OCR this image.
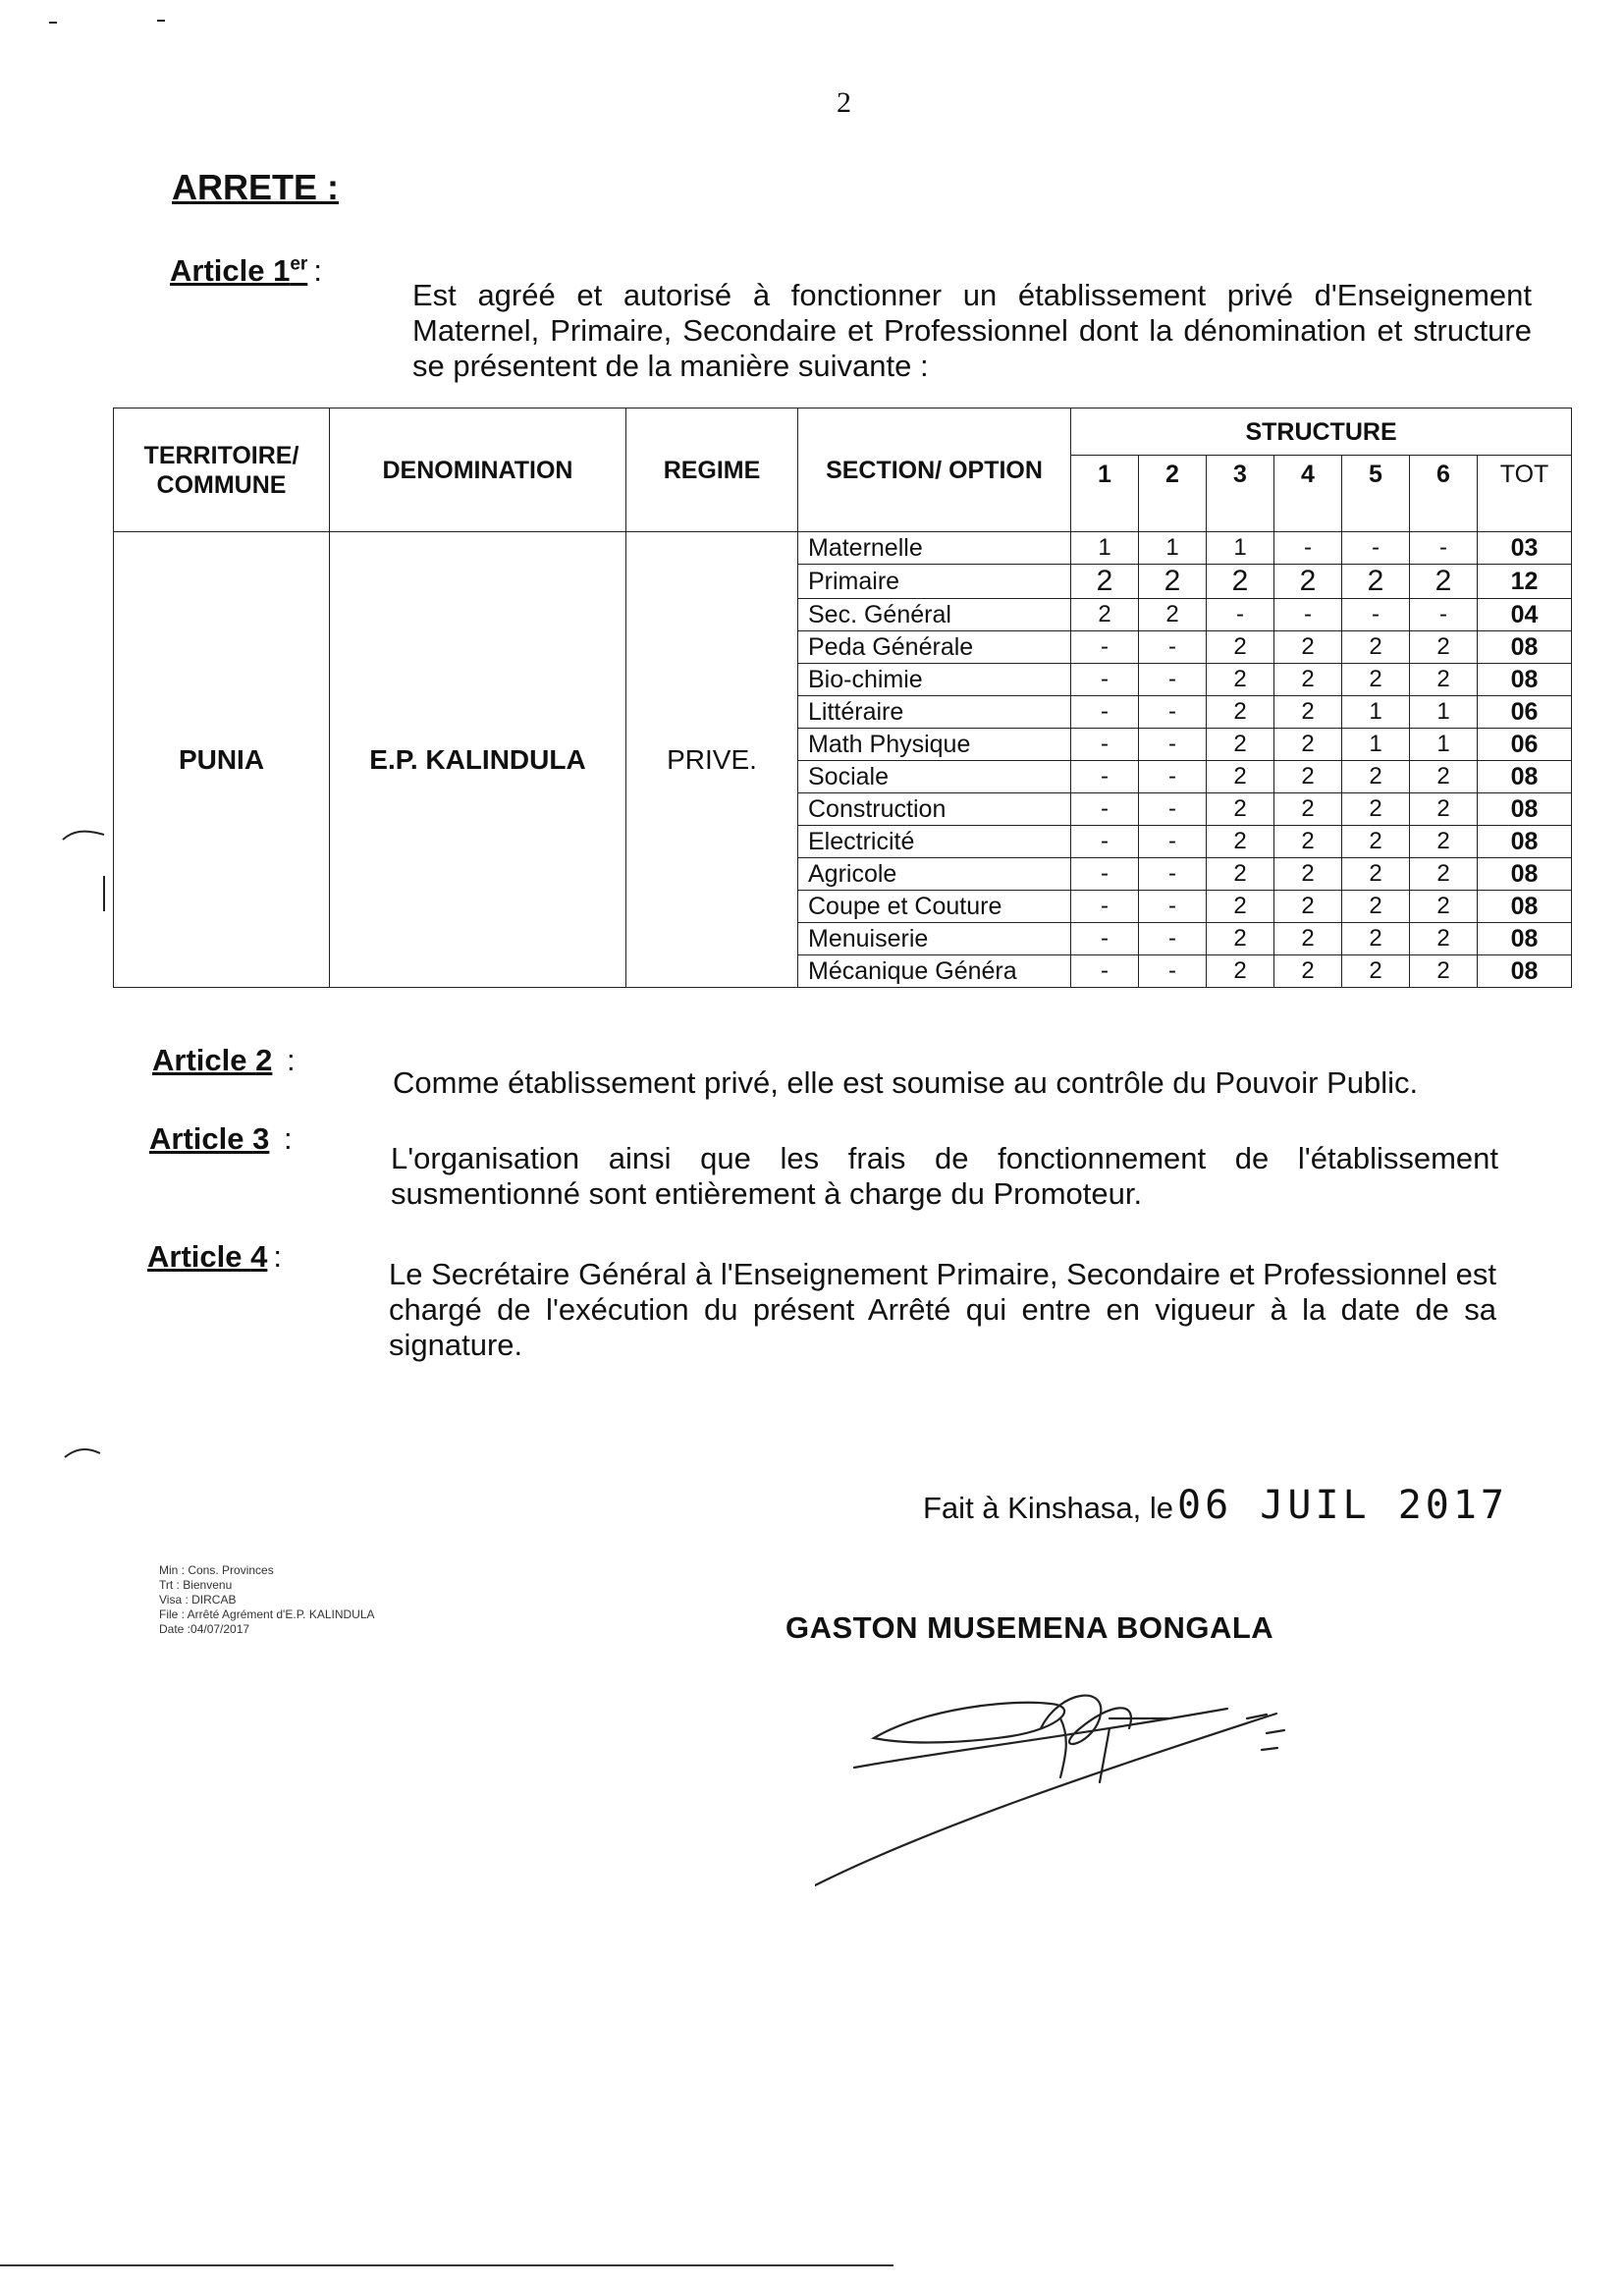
2
ARRETE :
Article 1er :
Est agréé et autorisé à fonctionner un établissement privé d'Enseignement Maternel, Primaire, Secondaire et Professionnel dont la dénomination et structure se présentent de la manière suivante :
TERRITOIRE/ COMMUNE	DENOMINATION	REGIME	SECTION/ OPTION	STRUCTURE						
				1	2	3	4	5	6	TOT
PUNIA	E.P. KALINDULA	PRIVE.	Maternelle	1	1	1	-	-	-	03
			Primaire	2	2	2	2	2	2	12
			Sec. Général	2	2	-	-	-	-	04
			Peda Générale	-	-	2	2	2	2	08
			Bio-chimie	-	-	2	2	2	2	08
			Littéraire	-	-	2	2	1	1	06
			Math Physique	-	-	2	2	1	1	06
			Sociale	-	-	2	2	2	2	08
			Construction	-	-	2	2	2	2	08
			Electricité	-	-	2	2	2	2	08
			Agricole	-	-	2	2	2	2	08
			Coupe et Couture	-	-	2	2	2	2	08
			Menuiserie	-	-	2	2	2	2	08
			Mécanique Généra	-	-	2	2	2	2	08
Article 2 :
Comme établissement privé, elle est soumise au contrôle du Pouvoir Public.
Article 3 :
L'organisation ainsi que les frais de fonctionnement de l'établissement susmentionné sont entièrement à charge du Promoteur.
Article 4 :
Le Secrétaire Général à l'Enseignement Primaire, Secondaire et Professionnel est chargé de l'exécution du présent Arrêté qui entre en vigueur à la date de sa signature.
Fait à Kinshasa, le 06 JUIL 2017
GASTON MUSEMENA BONGALA
Min : Cons. Provinces
Trt : Bienvenu
Visa : DIRCAB
File : Arrêté Agrément d'E.P. KALINDULA
Date :04/07/2017
